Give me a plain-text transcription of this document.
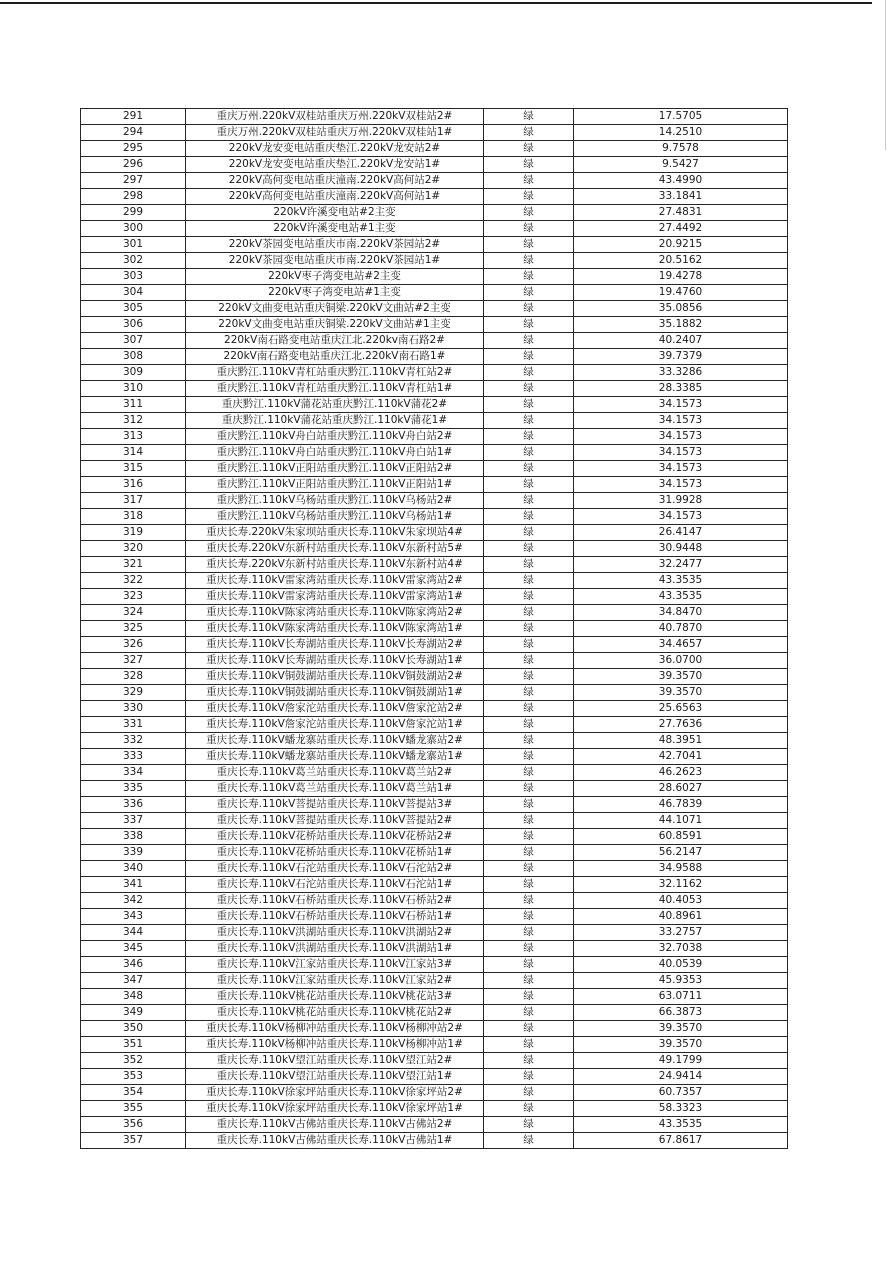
291	重庆万州.220kV双桂站重庆万州.220kV双桂站2#	绿	17.5705
294	重庆万州.220kV双桂站重庆万州.220kV双桂站1#	绿	14.2510
295	220kV龙安变电站重庆垫江.220kV龙安站2#	绿	9.7578
296	220kV龙安变电站重庆垫江.220kV龙安站1#	绿	9.5427
297	220kV高何变电站重庆潼南.220kV高何站2#	绿	43.4990
298	220kV高何变电站重庆潼南.220kV高何站1#	绿	33.1841
299	220kV许溪变电站#2主变	绿	27.4831
300	220kV许溪变电站#1主变	绿	27.4492
301	220kV茶园变电站重庆市南.220kV茶园站2#	绿	20.9215
302	220kV茶园变电站重庆市南.220kV茶园站1#	绿	20.5162
303	220kV枣子湾变电站#2主变	绿	19.4278
304	220kV枣子湾变电站#1主变	绿	19.4760
305	220kV文曲变电站重庆铜梁.220kV文曲站#2主变	绿	35.0856
306	220kV文曲变电站重庆铜梁.220kV文曲站#1主变	绿	35.1882
307	220kV南石路变电站重庆江北.220kv南石路2#	绿	40.2407
308	220kV南石路变电站重庆江北.220kV南石路1#	绿	39.7379
309	重庆黔江.110kV青杠站重庆黔江.110kV青杠站2#	绿	33.3286
310	重庆黔江.110kV青杠站重庆黔江.110kV青杠站1#	绿	28.3385
311	重庆黔江.110kV蒲花站重庆黔江.110kV蒲花2#	绿	34.1573
312	重庆黔江.110kV蒲花站重庆黔江.110kV蒲花1#	绿	34.1573
313	重庆黔江.110kV舟白站重庆黔江.110kV舟白站2#	绿	34.1573
314	重庆黔江.110kV舟白站重庆黔江.110kV舟白站1#	绿	34.1573
315	重庆黔江.110kV正阳站重庆黔江.110kV正阳站2#	绿	34.1573
316	重庆黔江.110kV正阳站重庆黔江.110kV正阳站1#	绿	34.1573
317	重庆黔江.110kV乌杨站重庆黔江.110kV乌杨站2#	绿	31.9928
318	重庆黔江.110kV乌杨站重庆黔江.110kV乌杨站1#	绿	34.1573
319	重庆长寿.220kV朱家坝站重庆长寿.110kV朱家坝站4#	绿	26.4147
320	重庆长寿.220kV东新村站重庆长寿.110kV东新村站5#	绿	30.9448
321	重庆长寿.220kV东新村站重庆长寿.110kV东新村站4#	绿	32.2477
322	重庆长寿.110kV雷家湾站重庆长寿.110kV雷家湾站2#	绿	43.3535
323	重庆长寿.110kV雷家湾站重庆长寿.110kV雷家湾站1#	绿	43.3535
324	重庆长寿.110kV陈家湾站重庆长寿.110kV陈家湾站2#	绿	34.8470
325	重庆长寿.110kV陈家湾站重庆长寿.110kV陈家湾站1#	绿	40.7870
326	重庆长寿.110kV长寿湖站重庆长寿.110kV长寿湖站2#	绿	34.4657
327	重庆长寿.110kV长寿湖站重庆长寿.110kV长寿湖站1#	绿	36.0700
328	重庆长寿.110kV铜鼓湖站重庆长寿.110kV铜鼓湖站2#	绿	39.3570
329	重庆长寿.110kV铜鼓湖站重庆长寿.110kV铜鼓湖站1#	绿	39.3570
330	重庆长寿.110kV詹家沱站重庆长寿.110kV詹家沱站2#	绿	25.6563
331	重庆长寿.110kV詹家沱站重庆长寿.110kV詹家沱站1#	绿	27.7636
332	重庆长寿.110kV蟠龙寨站重庆长寿.110kV蟠龙寨站2#	绿	48.3951
333	重庆长寿.110kV蟠龙寨站重庆长寿.110kV蟠龙寨站1#	绿	42.7041
334	重庆长寿.110kV葛兰站重庆长寿.110kV葛兰站2#	绿	46.2623
335	重庆长寿.110kV葛兰站重庆长寿.110kV葛兰站1#	绿	28.6027
336	重庆长寿.110kV菩提站重庆长寿.110kV菩提站3#	绿	46.7839
337	重庆长寿.110kV菩提站重庆长寿.110kV菩提站2#	绿	44.1071
338	重庆长寿.110kV花桥站重庆长寿.110kV花桥站2#	绿	60.8591
339	重庆长寿.110kV花桥站重庆长寿.110kV花桥站1#	绿	56.2147
340	重庆长寿.110kV石沱站重庆长寿.110kV石沱站2#	绿	34.9588
341	重庆长寿.110kV石沱站重庆长寿.110kV石沱站1#	绿	32.1162
342	重庆长寿.110kV石桥站重庆长寿.110kV石桥站2#	绿	40.4053
343	重庆长寿.110kV石桥站重庆长寿.110kV石桥站1#	绿	40.8961
344	重庆长寿.110kV洪湖站重庆长寿.110kV洪湖站2#	绿	33.2757
345	重庆长寿.110kV洪湖站重庆长寿.110kV洪湖站1#	绿	32.7038
346	重庆长寿.110kV江家站重庆长寿.110kV江家站3#	绿	40.0539
347	重庆长寿.110kV江家站重庆长寿.110kV江家站2#	绿	45.9353
348	重庆长寿.110kV桃花站重庆长寿.110kV桃花站3#	绿	63.0711
349	重庆长寿.110kV桃花站重庆长寿.110kV桃花站2#	绿	66.3873
350	重庆长寿.110kV杨柳冲站重庆长寿.110kV杨柳冲站2#	绿	39.3570
351	重庆长寿.110kV杨柳冲站重庆长寿.110kV杨柳冲站1#	绿	39.3570
352	重庆长寿.110kV望江站重庆长寿.110kV望江站2#	绿	49.1799
353	重庆长寿.110kV望江站重庆长寿.110kV望江站1#	绿	24.9414
354	重庆长寿.110kV徐家坪站重庆长寿.110kV徐家坪站2#	绿	60.7357
355	重庆长寿.110kV徐家坪站重庆长寿.110kV徐家坪站1#	绿	58.3323
356	重庆长寿.110kV古佛站重庆长寿.110kV古佛站2#	绿	43.3535
357	重庆长寿.110kV古佛站重庆长寿.110kV古佛站1#	绿	67.8617
